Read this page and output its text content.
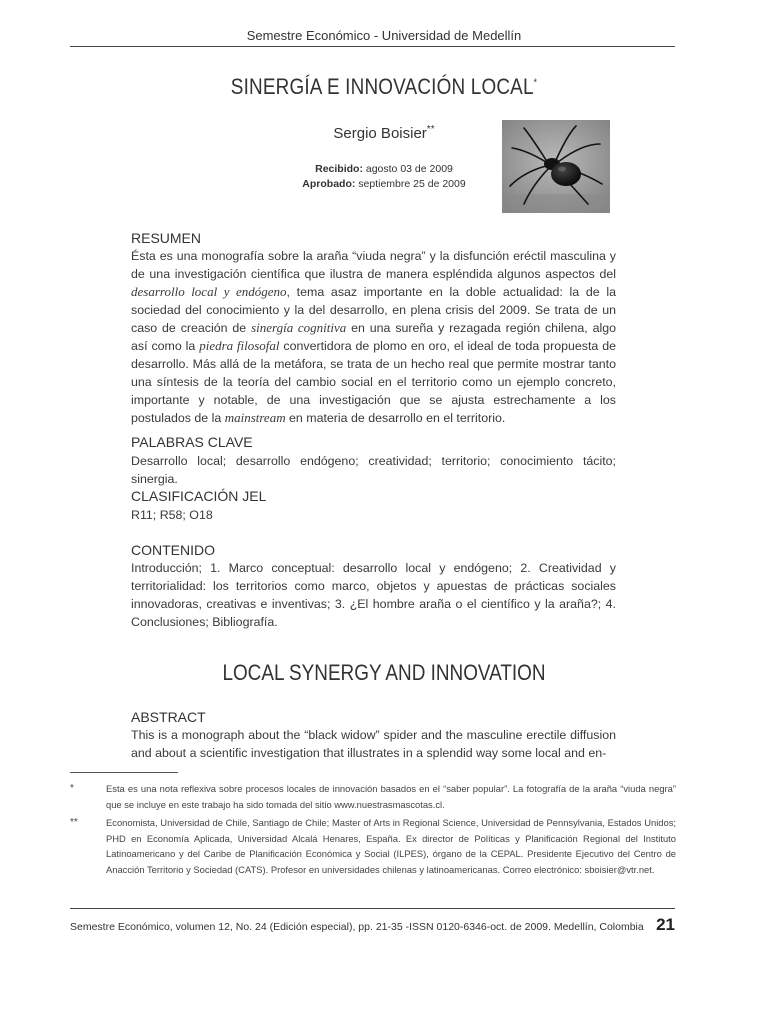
Semestre Económico - Universidad de Medellín
SINERGÍA E INNOVACIÓN LOCAL*
Sergio Boisier**
Recibido: agosto 03 de 2009
Aprobado: septiembre 25 de 2009
RESUMEN
Ésta es una monografía sobre la araña “viuda negra” y la disfunción eréctil masculina y de una investigación científica que ilustra de manera espléndida algunos aspectos del desarrollo local y endógeno, tema asaz importante en la doble actualidad: la de la sociedad del conocimiento y la del desarrollo, en plena crisis del 2009. Se trata de un caso de creación de sinergía cognitiva en una sureña y rezagada región chilena, algo así como la piedra filosofal convertidora de plomo en oro, el ideal de toda propuesta de desarrollo. Más allá de la metáfora, se trata de un hecho real que permite mostrar tanto una síntesis de la teoría del cambio social en el territorio como un ejemplo concreto, importante y notable, de una investigación que se ajusta estrechamente a los postulados de la mainstream en materia de desarrollo en el territorio.
PALABRAS CLAVE
Desarrollo local; desarrollo endógeno; creatividad; territorio; conocimiento tácito; sinergia.
CLASIFICACIÓN JEL
R11; R58; O18
CONTENIDO
Introducción; 1. Marco conceptual: desarrollo local y endógeno; 2. Creatividad y territorialidad: los territorios como marco, objetos y apuestas de prácticas sociales innovadoras, creativas e inventivas; 3. ¿El hombre araña o el científico y la araña?; 4. Conclusiones; Bibliografía.
LOCAL SYNERGY AND INNOVATION
ABSTRACT
This is a monograph about the “black widow” spider and the masculine erectile diffusion and about a scientific investigation that illustrates in a splendid way some local and en-
*	Esta es una nota reflexiva sobre procesos locales de innovación basados en el “saber popular”. La fotografía de la araña “viuda negra” que se incluye en este trabajo ha sido tomada del sitio www.nuestrasmascotas.cl.
**	Economista, Universidad de Chile, Santiago de Chile; Master of Arts in Regional Science, Universidad de Pennsylvania, Estados Unidos; PHD en Economía Aplicada, Universidad Alcalá Henares, España. Ex director de Políticas y Planificación Regional del Instituto Latinoamericano y del Caribe de Planificación Económica y Social (ILPES), órgano de la CEPAL. Presidente Ejecutivo del Centro de Anacción Territorio y Sociedad (CATS). Profesor en universidades chilenas y latinoamericanas. Correo electrónico: sboisier@vtr.net.
Semestre Económico, volumen 12, No. 24 (Edición especial), pp. 21-35 -ISSN 0120-6346-oct. de 2009. Medellín, Colombia 21
